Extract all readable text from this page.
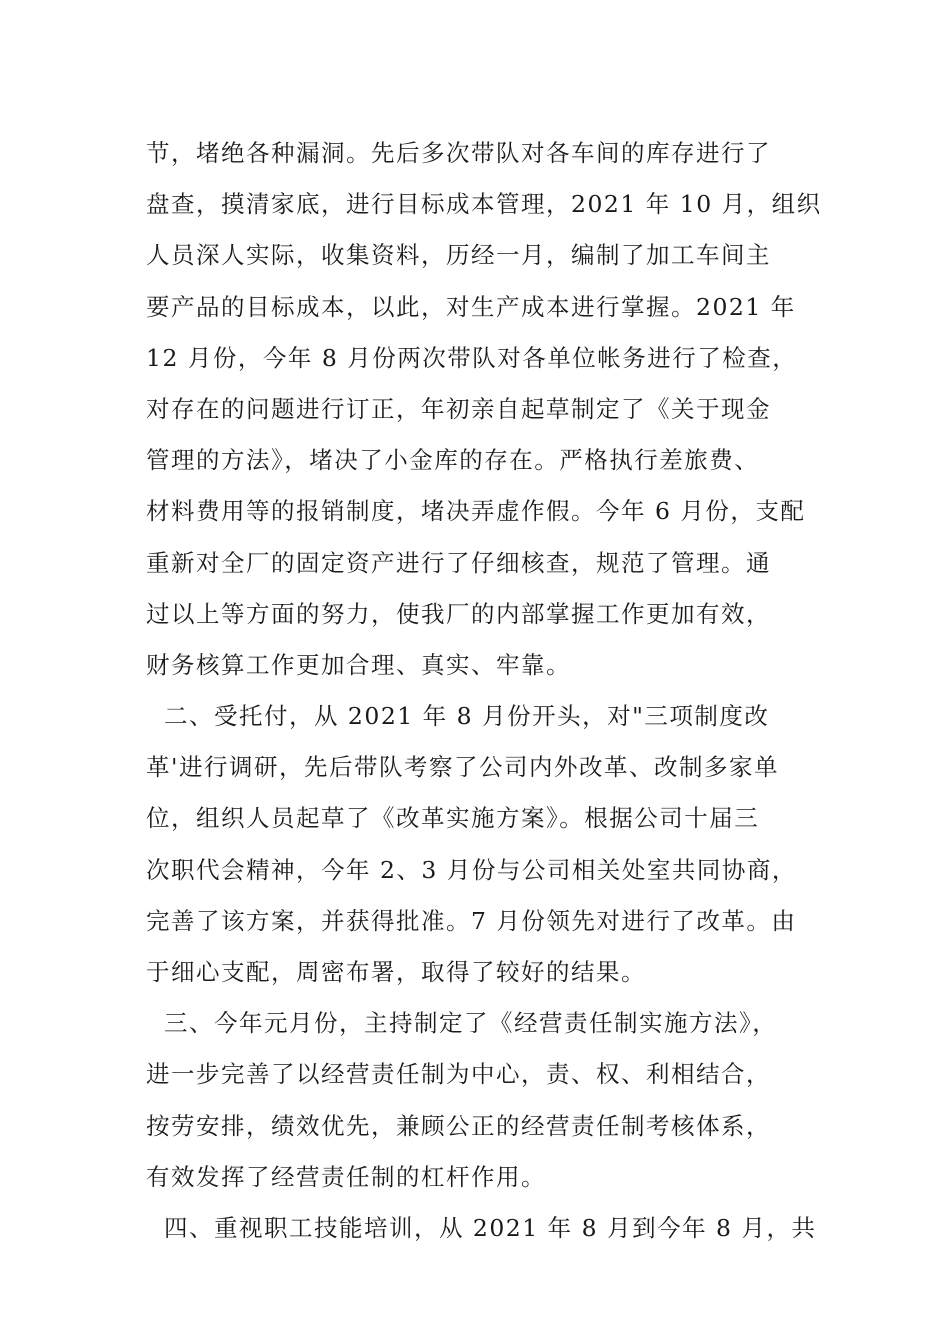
节，堵绝各种漏洞。先后多次带队对各车间的库存进行了
盘查，摸清家底，进行目标成本管理，2021 年 10 月，组织
人员深人实际，收集资料，历经一月，编制了加工车间主
要产品的目标成本，以此，对生产成本进行掌握。2021 年
12 月份，今年 8 月份两次带队对各单位帐务进行了检查，
对存在的问题进行订正，年初亲自起草制定了《关于现金
管理的方法》，堵决了小金库的存在。严格执行差旅费、
材料费用等的报销制度，堵决弄虚作假。今年 6 月份，支配
重新对全厂的固定资产进行了仔细核查，规范了管理。通
过以上等方面的努力，使我厂的内部掌握工作更加有效，
财务核算工作更加合理、真实、牢靠。
二、受托付，从 2021 年 8 月份开头，对"三项制度改
革'进行调研，先后带队考察了公司内外改革、改制多家单
位，组织人员起草了《改革实施方案》。根据公司十届三
次职代会精神，今年 2、3 月份与公司相关处室共同协商，
完善了该方案，并获得批准。7 月份领先对进行了改革。由
于细心支配，周密布署，取得了较好的结果。
三、今年元月份，主持制定了《经营责任制实施方法》，
进一步完善了以经营责任制为中心，责、权、利相结合，
按劳安排，绩效优先，兼顾公正的经营责任制考核体系，
有效发挥了经营责任制的杠杆作用。
四、重视职工技能培训，从 2021 年 8 月到今年 8 月，共
